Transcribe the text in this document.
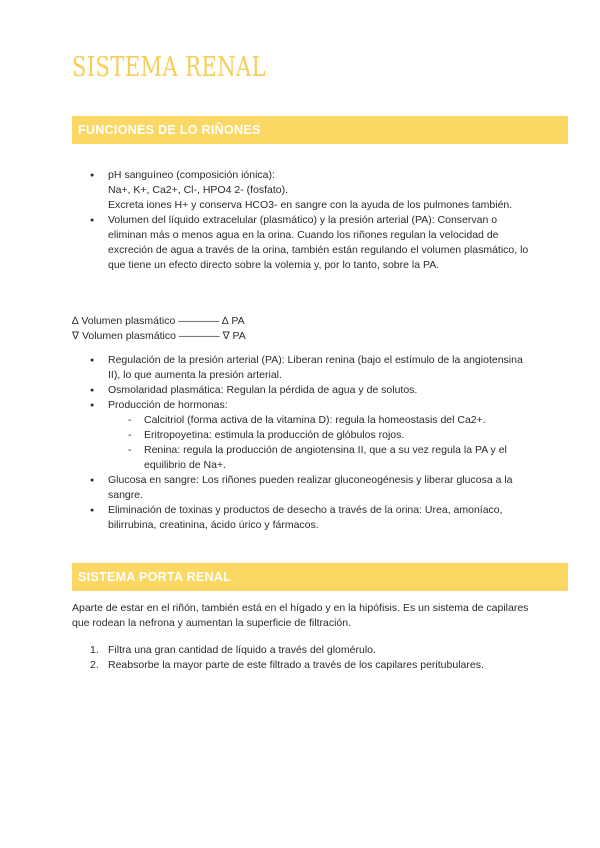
SISTEMA RENAL
FUNCIONES DE LO RIÑONES
● pH sanguíneo (composición iónica):
Na+, K+, Ca2+, Cl-, HPO4 2- (fosfato).
Excreta iones H+ y conserva HCO3- en sangre con la ayuda de los pulmones también.
● Volumen del líquido extracelular (plasmático) y la presión arterial (PA): Conservan o eliminan más o menos agua en la orina. Cuando los riñones regulan la velocidad de excreción de agua a través de la orina, también están regulando el volumen plasmático, lo que tiene un efecto directo sobre la volemia y, por lo tanto, sobre la PA.
∆ Volumen plasmático ––––––– ∆ PA
∇ Volumen plasmático ––––––– ∇ PA
● Regulación de la presión arterial (PA): Liberan renina (bajo el estímulo de la angiotensina II), lo que aumenta la presión arterial.
● Osmolaridad plasmática: Regulan la pérdida de agua y de solutos.
● Producción de hormonas:
- Calcitriol (forma activa de la vitamina D): regula la homeostasis del Ca2+.
- Eritropoyetina: estimula la producción de glóbulos rojos.
- Renina: regula la producción de angiotensina II, que a su vez regula la PA y el equilibrio de Na+.
● Glucosa en sangre: Los riñones pueden realizar gluconeogénesis y liberar glucosa a la sangre.
● Eliminación de toxinas y productos de desecho a través de la orina: Urea, amoníaco, bilirrubina, creatinina, ácido úrico y fármacos.
SISTEMA PORTA RENAL
Aparte de estar en el riñón, también está en el hígado y en la hipófisis. Es un sistema de capilares que rodean la nefrona y aumentan la superficie de filtración.
1. Filtra una gran cantidad de líquido a través del glomérulo.
2. Reabsorbe la mayor parte de este filtrado a través de los capilares peritubulares.
